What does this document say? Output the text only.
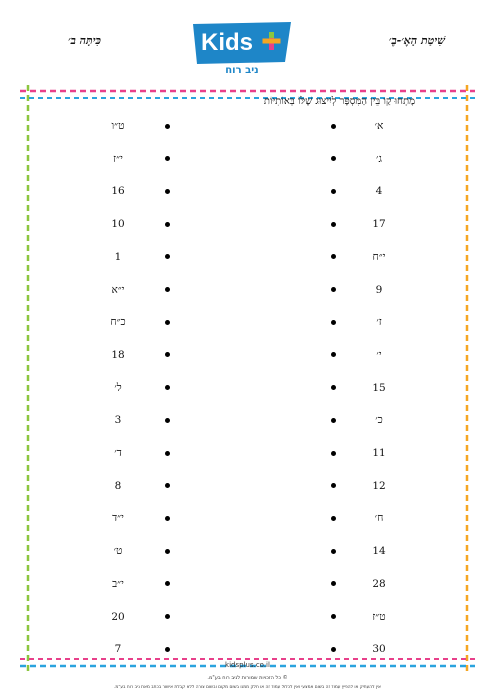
שִׁיטַת הָאֶ׳-בֶ׳
כִּיתָּה ב׳	Kids
ניב רוח
מָתְחוּ קַו בֵּין הַמִּסְפָּר לְיִיצוּג שֶׁלּוֹ בְּאוֹתִיּוֹת
ט״ו	א׳
י״ז	ג׳
16	4
10	17
1	י״ח
י״א	9
כ״ח	ז׳
18	י׳
ל׳	15
3	כ׳
ד׳	11
8	12
י״ד	ח׳
ט׳	14
י״ב	28
20	ט״ז
7	30
kidsplus.co.il
© כל הזכויות שמורות לניב רוח בע"מ.
אין להעתיק או להפיץ עמוד זה בשום אמצעי ואין לכלול עמוד זה או חלק ממנו בשום מקום ובשום צורה ללא קבלת אישור בכתב מאת ניב רוח בע"מ.
